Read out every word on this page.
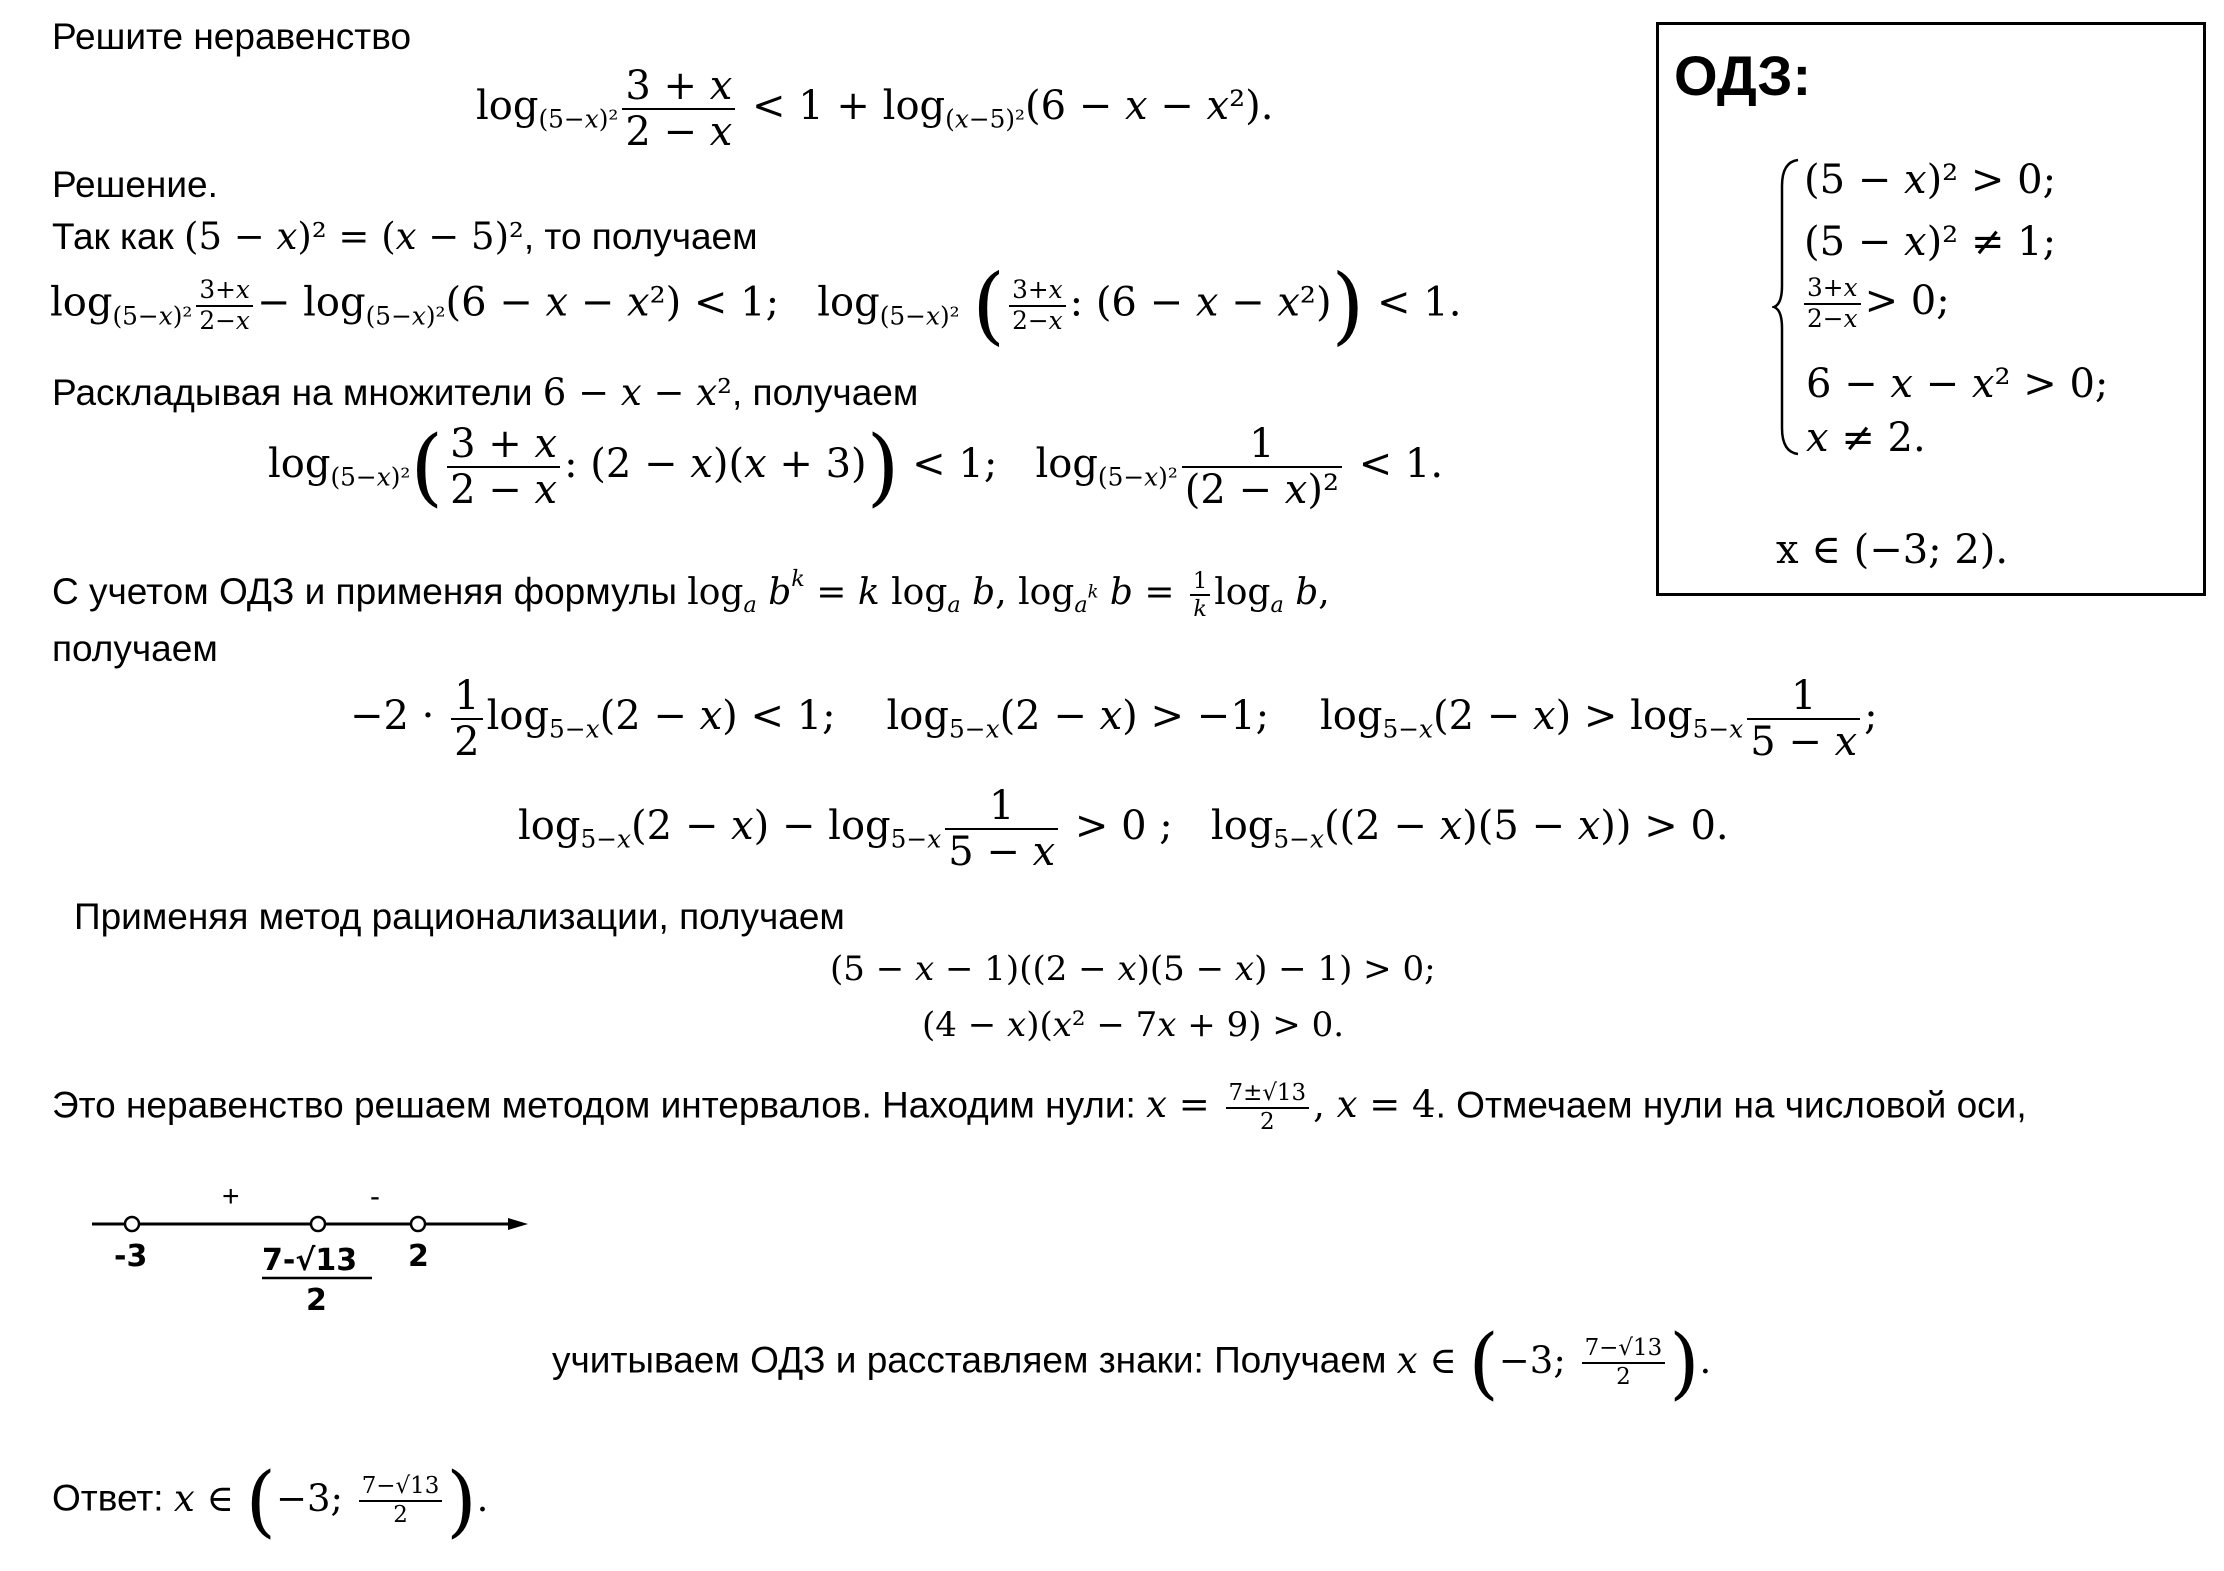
Решите неравенство
$\log_{(5-x)^2} \frac{3 + x}{2 - x} < 1 + \log_{(x-5)^2}(6 - x - x^2)$.
Решение.
Так как (5 − x)² = (x − 5)², то получаем
$\log_{(5-x)^2} \frac{3+x}{2-x} - \log_{(5-x)^2}(6 - x - x^2) < 1$;   $\log_{(5-x)^2}$ ( $\frac{3+x}{2-x}$ : (6 − x − x²)) < 1.
Раскладывая на множители 6 − x − x², получаем
$\log_{(5-x)^2}( \frac{3 + x}{2 - x}$ : (2 − x)(x + 3)) < 1;   $\log_{(5-x)^2} \frac{1}{\text{(2 − x)²}} < 1$.
С учетом ОДЗ и применяя формулы $\log_a b^k = k$ $\log_a b$, $\log_{a^k} b = \frac{1}{k} \log_a b$,
получаем
$-2 \cdot \frac{1}{2} \log_{5-x}(2 - x) < 1$;    $\log_{5-x}(2 - x) > -1$;    $\log_{5-x}(2 - x) > \log_{5-x} \frac{1}{5 - x}$ ;
$\log_{5-x}(2 - x) - \log_{5-x} \frac{1}{5 - x} > 0$ ;   $\log_{5-x}((2 - x)(5 - x)) > 0$.
Применяя метод рационализации, получаем
(5 − x − 1)((2 − x)(5 − x) − 1) > 0;
(4 − x)(x² − 7x + 9) > 0.
Это неравенство решаем методом интервалов. Находим нули: $x = \frac{7\pm√13}{2}$ , x = 4. Отмечаем нули на числовой оси,
+	-
-3	7-√13
2
2
учитываем ОДЗ и расставляем знаки: Получаем x ∈ (−3; $\frac{7-√13}{2}$ ).
Ответ: x ∈ (−3; $\frac{7-√13}{2}$ ).
ОДЗ:
(5 − x)² > 0;
(5 − x)² ≠ 1;
$\frac{3+x}{2-x} > 0$;
6 − x − x² > 0;
x ≠ 2.
x ∈ (−3; 2).
